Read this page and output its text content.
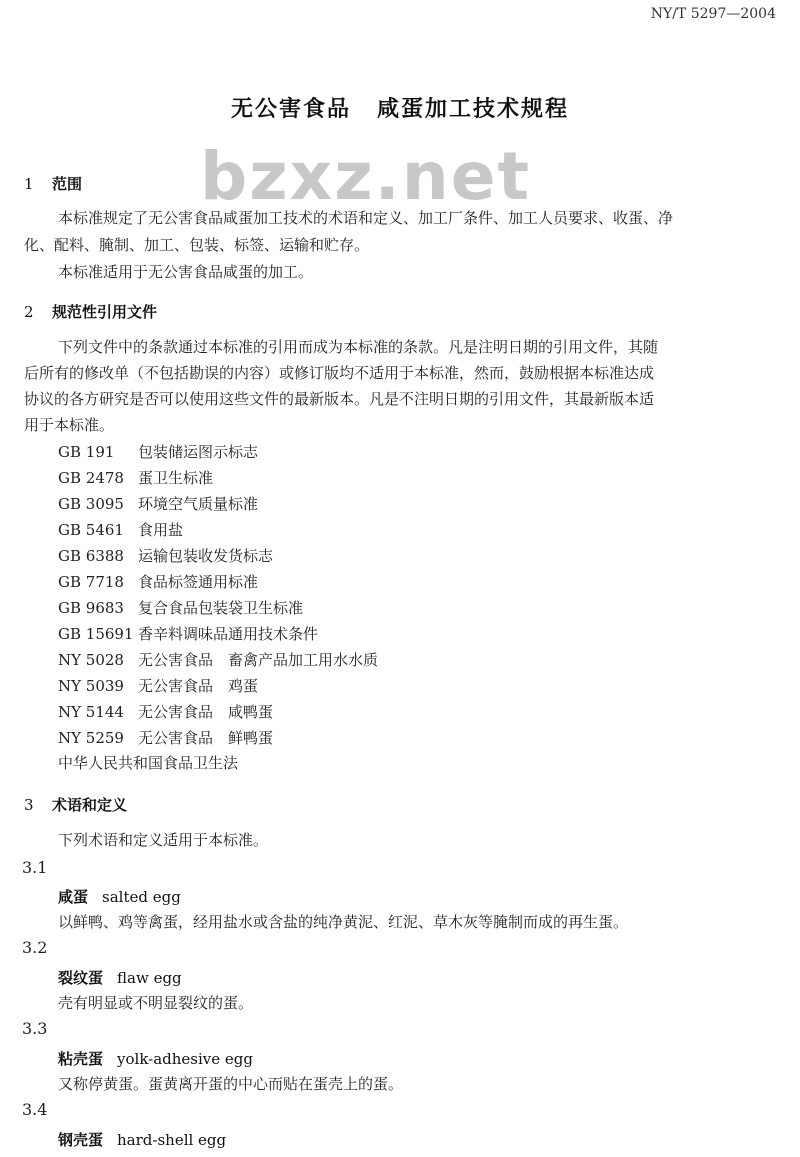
NY/T 5297—2004
无公害食品 咸蛋加工技术规程
bzxz.net
1 范围
本标准规定了无公害食品咸蛋加工技术的术语和定义、加工厂条件、加工人员要求、收蛋、净
化、配料、腌制、加工、包装、标签、运输和贮存。
本标准适用于无公害食品咸蛋的加工。
2 规范性引用文件
下列文件中的条款通过本标准的引用而成为本标准的条款。凡是注明日期的引用文件，其随
后所有的修改单（不包括勘误的内容）或修订版均不适用于本标准，然而，鼓励根据本标准达成
协议的各方研究是否可以使用这些文件的最新版本。凡是不注明日期的引用文件，其最新版本适
用于本标准。
GB 191 包装储运图示标志
GB 2478 蛋卫生标准
GB 3095 环境空气质量标准
GB 5461 食用盐
GB 6388 运输包装收发货标志
GB 7718 食品标签通用标准
GB 9683 复合食品包装袋卫生标准
GB 15691 香辛料调味品通用技术条件
NY 5028 无公害食品　畜禽产品加工用水水质
NY 5039 无公害食品　鸡蛋
NY 5144 无公害食品　咸鸭蛋
NY 5259 无公害食品　鲜鸭蛋
中华人民共和国食品卫生法
3 术语和定义
下列术语和定义适用于本标准。
3.1
咸蛋 salted egg
以鲜鸭、鸡等禽蛋，经用盐水或含盐的纯净黄泥、红泥、草木灰等腌制而成的再生蛋。
3.2
裂纹蛋 flaw egg
壳有明显或不明显裂纹的蛋。
3.3
粘壳蛋 yolk-adhesive egg
又称停黄蛋。蛋黄离开蛋的中心而贴在蛋壳上的蛋。
3.4
钢壳蛋 hard-shell egg
